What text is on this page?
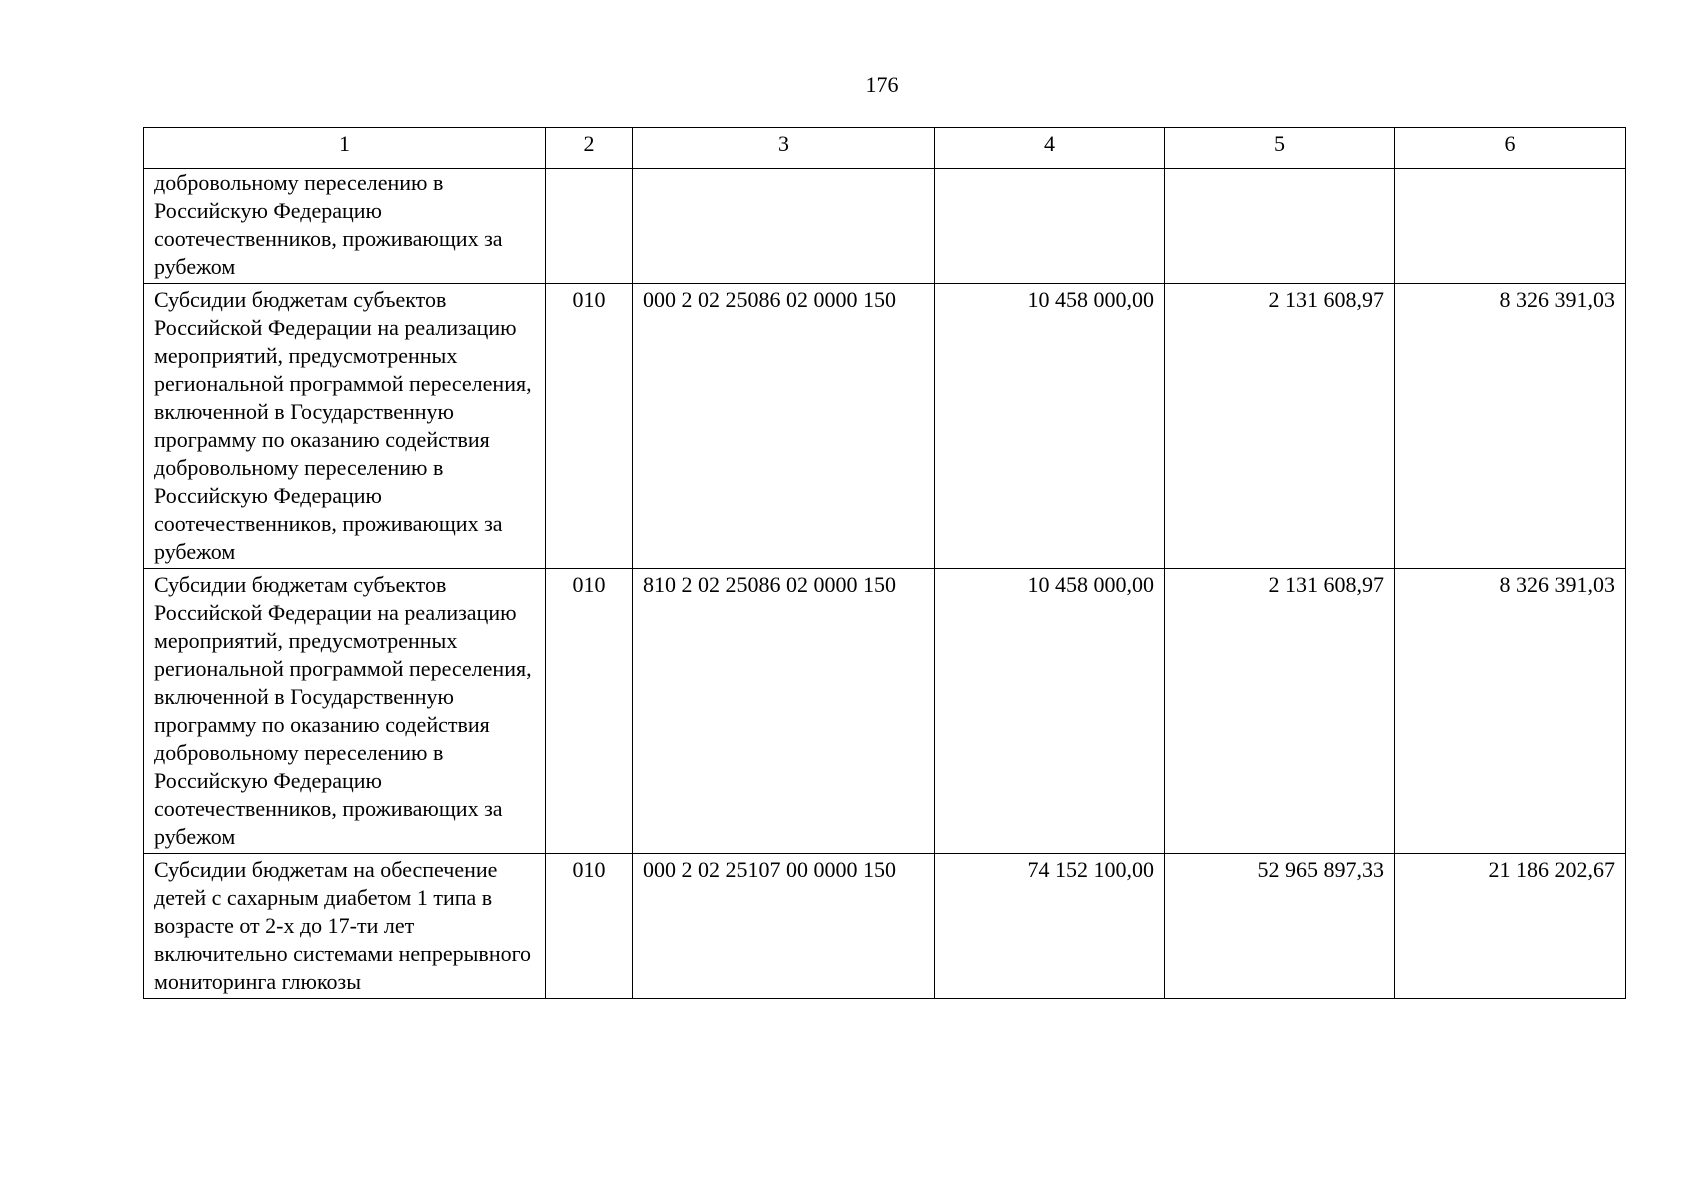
176
1	2	3	4	5	6
добровольному переселению в Российскую Федерацию соотечественников, проживающих за рубежом					
Субсидии бюджетам субъектов Российской Федерации на реализацию мероприятий, предусмотренных региональной программой переселения, включенной в Государственную программу по оказанию содействия добровольному переселению в Российскую Федерацию соотечественников, проживающих за рубежом	010	000 2 02 25086 02 0000 150	10 458 000,00	2 131 608,97	8 326 391,03
Субсидии бюджетам субъектов Российской Федерации на реализацию мероприятий, предусмотренных региональной программой переселения, включенной в Государственную программу по оказанию содействия добровольному переселению в Российскую Федерацию соотечественников, проживающих за рубежом	010	810 2 02 25086 02 0000 150	10 458 000,00	2 131 608,97	8 326 391,03
Субсидии бюджетам на обеспечение детей с сахарным диабетом 1 типа в возрасте от 2-х до 17-ти лет включительно системами непрерывного мониторинга глюкозы	010	000 2 02 25107 00 0000 150	74 152 100,00	52 965 897,33	21 186 202,67
